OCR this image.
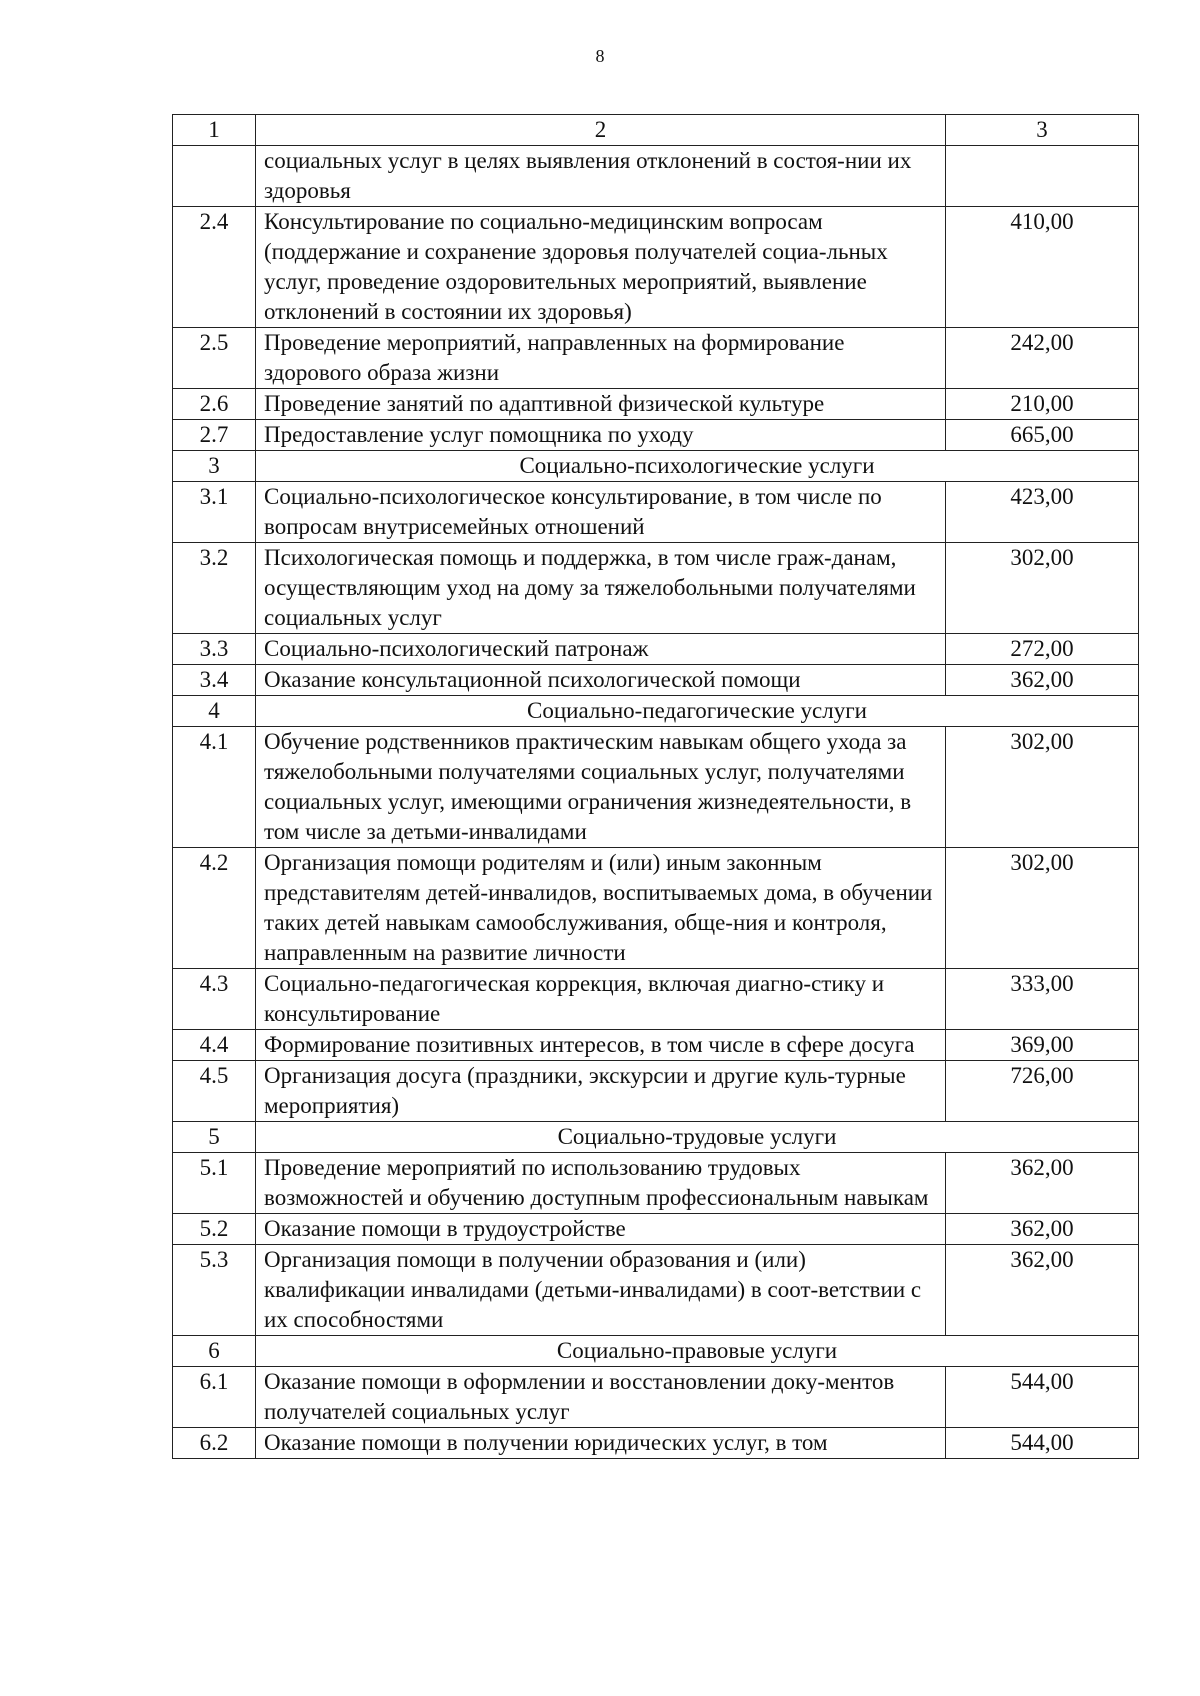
8
1	2	3
	социальных услуг в целях выявления отклонений в состоя-нии их здоровья	
2.4	Консультирование по социально-медицинским вопросам (поддержание и сохранение здоровья получателей социа-льных услуг, проведение оздоровительных мероприятий, выявление отклонений в состоянии их здоровья)	410,00
2.5	Проведение мероприятий, направленных на формирование здорового образа жизни	242,00
2.6	Проведение занятий по адаптивной физической культуре	210,00
2.7	Предоставление услуг помощника по уходу	665,00
3	Социально-психологические услуги	
3.1	Социально-психологическое консультирование, в том числе по вопросам внутрисемейных отношений	423,00
3.2	Психологическая помощь и поддержка, в том числе граж-данам, осуществляющим уход на дому за тяжелобольными получателями социальных услуг	302,00
3.3	Социально-психологический патронаж	272,00
3.4	Оказание консультационной психологической помощи	362,00
4	Социально-педагогические услуги	
4.1	Обучение родственников практическим навыкам общего ухода за тяжелобольными получателями социальных услуг, получателями социальных услуг, имеющими ограничения жизнедеятельности, в том числе за детьми-инвалидами	302,00
4.2	Организация помощи родителям и (или) иным законным представителям детей-инвалидов, воспитываемых дома, в обучении таких детей навыкам самообслуживания, обще-ния и контроля, направленным на развитие личности	302,00
4.3	Социально-педагогическая коррекция, включая диагно-стику и консультирование	333,00
4.4	Формирование позитивных интересов, в том числе в сфере досуга	369,00
4.5	Организация досуга (праздники, экскурсии и другие куль-турные мероприятия)	726,00
5	Социально-трудовые услуги	
5.1	Проведение мероприятий по использованию трудовых возможностей и обучению доступным профессиональным навыкам	362,00
5.2	Оказание помощи в трудоустройстве	362,00
5.3	Организация помощи в получении образования и (или) квалификации инвалидами (детьми-инвалидами) в соот-ветствии с их способностями	362,00
6	Социально-правовые услуги	
6.1	Оказание помощи в оформлении и восстановлении доку-ментов получателей социальных услуг	544,00
6.2	Оказание помощи в получении юридических услуг, в том	544,00
